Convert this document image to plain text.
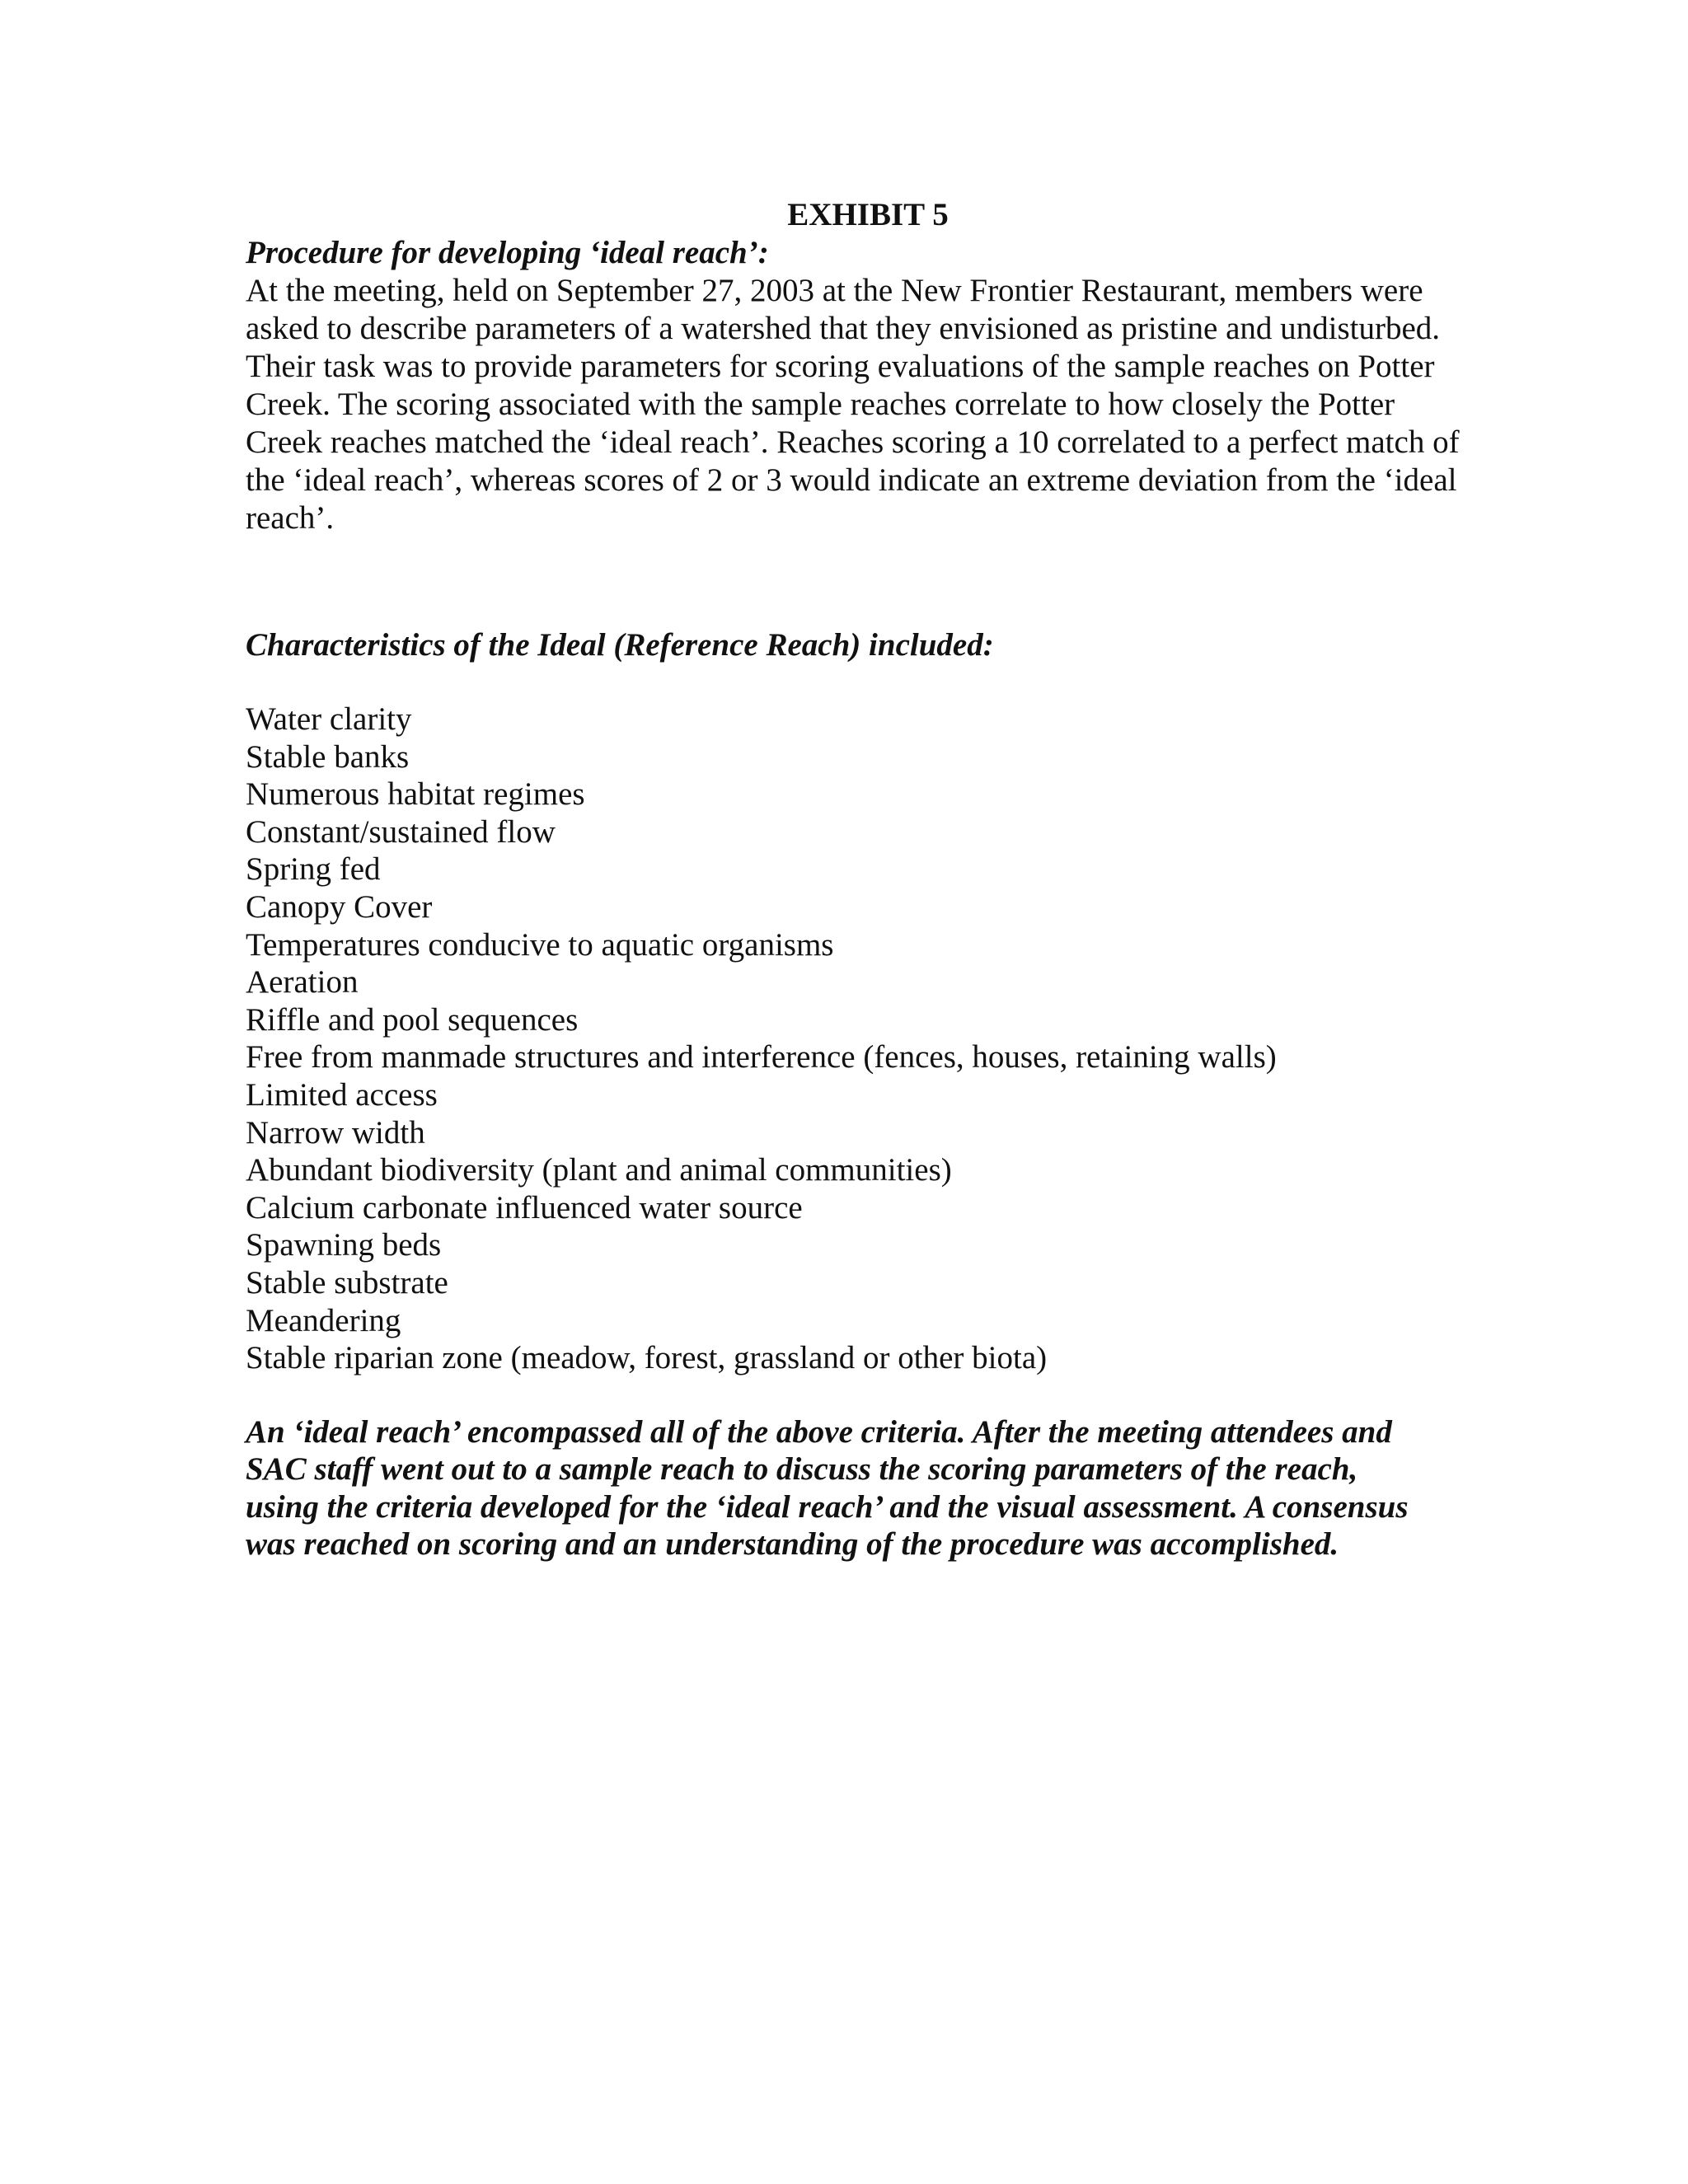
EXHIBIT 5

Procedure for developing ‘ideal reach’:

At the meeting, held on September 27, 2003 at the New Frontier Restaurant, members were asked to describe parameters of a watershed that they envisioned as pristine and undisturbed. Their task was to provide parameters for scoring evaluations of the sample reaches on Potter Creek. The scoring associated with the sample reaches correlate to how closely the Potter Creek reaches matched the ‘ideal reach’. Reaches scoring a 10 correlated to a perfect match of the ‘ideal reach’, whereas scores of 2 or 3 would indicate an extreme deviation from the ‘ideal reach’.

Characteristics of the Ideal (Reference Reach) included:

Water clarity
Stable banks
Numerous habitat regimes
Constant/sustained flow
Spring fed
Canopy Cover
Temperatures conducive to aquatic organisms
Aeration
Riffle and pool sequences
Free from manmade structures and interference (fences, houses, retaining walls)
Limited access
Narrow width
Abundant biodiversity (plant and animal communities)
Calcium carbonate influenced water source
Spawning beds
Stable substrate
Meandering
Stable riparian zone (meadow, forest, grassland or other biota)

An ‘ideal reach’ encompassed all of the above criteria. After the meeting attendees and SAC staff went out to a sample reach to discuss the scoring parameters of the reach, using the criteria developed for the ‘ideal reach’ and the visual assessment. A consensus was reached on scoring and an understanding of the procedure was accomplished.
